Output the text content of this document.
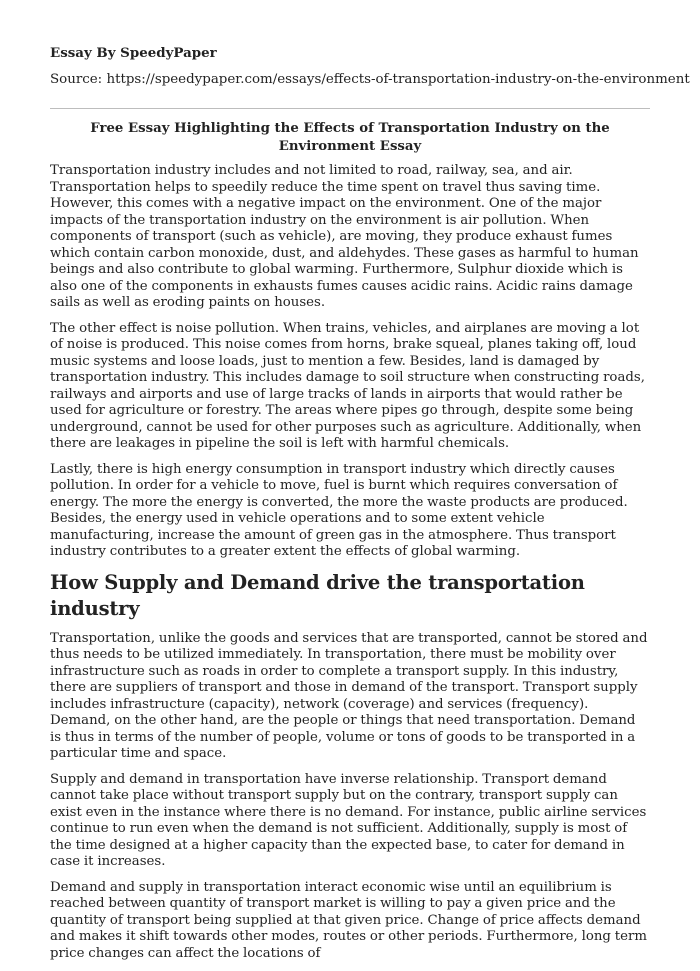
Essay By SpeedyPaper

Source: https://speedypaper.com/essays/effects-of-transportation-industry-on-the-environment

Free Essay Highlighting the Effects of Transportation Industry on the Environment Essay

Transportation industry includes and not limited to road, railway, sea, and air. Transportation helps to speedily reduce the time spent on travel thus saving time. However, this comes with a negative impact on the environment. One of the major impacts of the transportation industry on the environment is air pollution. When components of transport (such as vehicle), are moving, they produce exhaust fumes which contain carbon monoxide, dust, and aldehydes. These gases as harmful to human beings and also contribute to global warming. Furthermore, Sulphur dioxide which is also one of the components in exhausts fumes causes acidic rains. Acidic rains damage sails as well as eroding paints on houses.

The other effect is noise pollution. When trains, vehicles, and airplanes are moving a lot of noise is produced. This noise comes from horns, brake squeal, planes taking off, loud music systems and loose loads, just to mention a few. Besides, land is damaged by transportation industry. This includes damage to soil structure when constructing roads, railways and airports and use of large tracks of lands in airports that would rather be used for agriculture or forestry. The areas where pipes go through, despite some being underground, cannot be used for other purposes such as agriculture. Additionally, when there are leakages in pipeline the soil is left with harmful chemicals.

Lastly, there is high energy consumption in transport industry which directly causes pollution. In order for a vehicle to move, fuel is burnt which requires conversation of energy. The more the energy is converted, the more the waste products are produced. Besides, the energy used in vehicle operations and to some extent vehicle manufacturing, increase the amount of green gas in the atmosphere. Thus transport industry contributes to a greater extent the effects of global warming.

How Supply and Demand drive the transportation industry

Transportation, unlike the goods and services that are transported, cannot be stored and thus needs to be utilized immediately. In transportation, there must be mobility over infrastructure such as roads in order to complete a transport supply. In this industry, there are suppliers of transport and those in demand of the transport. Transport supply includes infrastructure (capacity), network (coverage) and services (frequency). Demand, on the other hand, are the people or things that need transportation. Demand is thus in terms of the number of people, volume or tons of goods to be transported in a particular time and space.

Supply and demand in transportation have inverse relationship. Transport demand cannot take place without transport supply but on the contrary, transport supply can exist even in the instance where there is no demand. For instance, public airline services continue to run even when the demand is not sufficient. Additionally, supply is most of the time designed at a higher capacity than the expected base, to cater for demand in case it increases.

Demand and supply in transportation interact economic wise until an equilibrium is reached between quantity of transport market is willing to pay a given price and the quantity of transport being supplied at that given price. Change of price affects demand and makes it shift towards other modes, routes or other periods. Furthermore, long term price changes can affect the locations of
